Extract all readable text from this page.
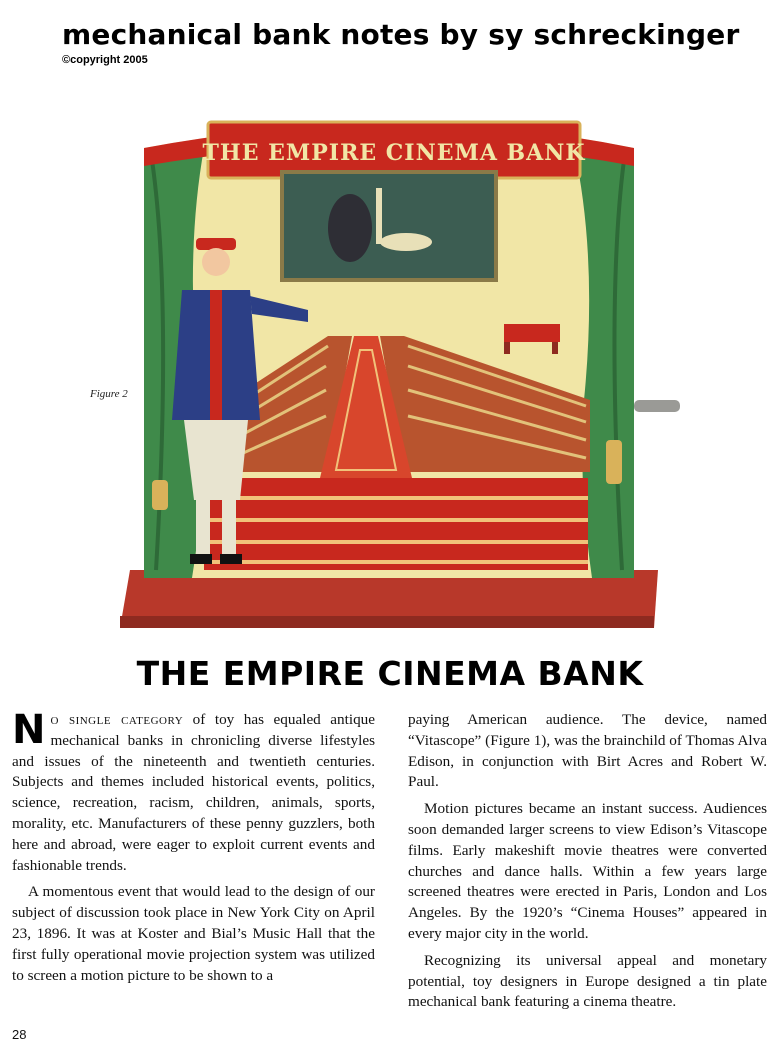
mechanical bank notes by sy schreckinger
©copyright 2005
Figure 2
THE EMPIRE CINEMA BANK
THE EMPIRE CINEMA BANK

No single category of toy has equaled antique mechanical banks in chronicling diverse lifestyles and issues of the nineteenth and twentieth centuries. Subjects and themes included historical events, politics, science, recreation, racism, children, animals, sports, morality, etc. Manufacturers of these penny guzzlers, both here and abroad, were eager to exploit current events and fashionable trends.

A momentous event that would lead to the design of our subject of discussion took place in New York City on April 23, 1896. It was at Koster and Bial’s Music Hall that the first fully operational movie projection system was utilized to screen a motion picture to be shown to a

paying American audience. The device, named “Vitascope” (Figure 1), was the brainchild of Thomas Alva Edison, in conjunction with Birt Acres and Robert W. Paul.

Motion pictures became an instant success. Audiences soon demanded larger screens to view Edison’s Vitascope films. Early makeshift movie theatres were converted churches and dance halls. Within a few years large screened theatres were erected in Paris, London and Los Angeles. By the 1920’s “Cinema Houses” appeared in every major city in the world.

Recognizing its universal appeal and monetary potential, toy designers in Europe designed a tin plate mechanical bank featuring a cinema theatre.

28
